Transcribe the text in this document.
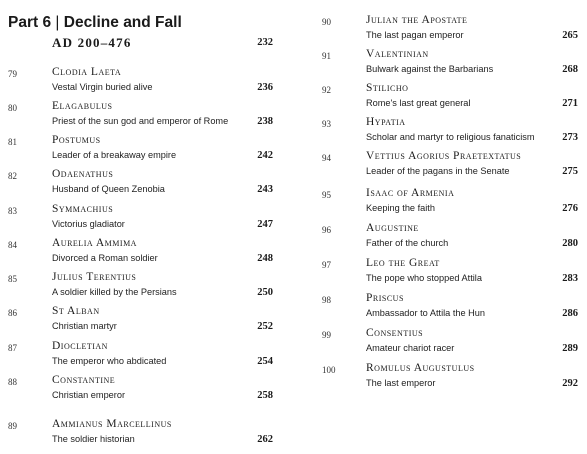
Part 6 | Decline and Fall
AD 200–476	232
79	Clodia Laeta
Vestal Virgin buried alive	236
80	Elagabulus
Priest of the sun god and emperor of Rome	238
81	Postumus
Leader of a breakaway empire	242
82	Odaenathus
Husband of Queen Zenobia	243
83	Symmachius
Victorius gladiator	247
84	Aurelia Ammima
Divorced a Roman soldier	248
85	Julius Terentius
A soldier killed by the Persians	250
86	St Alban
Christian martyr	252
87	Diocletian
The emperor who abdicated	254
88	Constantine
Christian emperor	258
89	Ammianus Marcellinus
The soldier historian	262
90	Julian the Apostate
The last pagan emperor	265
91	Valentinian
Bulwark against the Barbarians	268
92	Stilicho
Rome's last great general	271
93	Hypatia
Scholar and martyr to religious fanaticism	273
94	Vettius Agorius Praetextatus
Leader of the pagans in the Senate	275
95	Isaac of Armenia
Keeping the faith	276
96	Augustine
Father of the church	280
97	Leo the Great
The pope who stopped Attila	283
98	Priscus
Ambassador to Attila the Hun	286
99	Consentius
Amateur chariot racer	289
100	Romulus Augustulus
The last emperor	292
